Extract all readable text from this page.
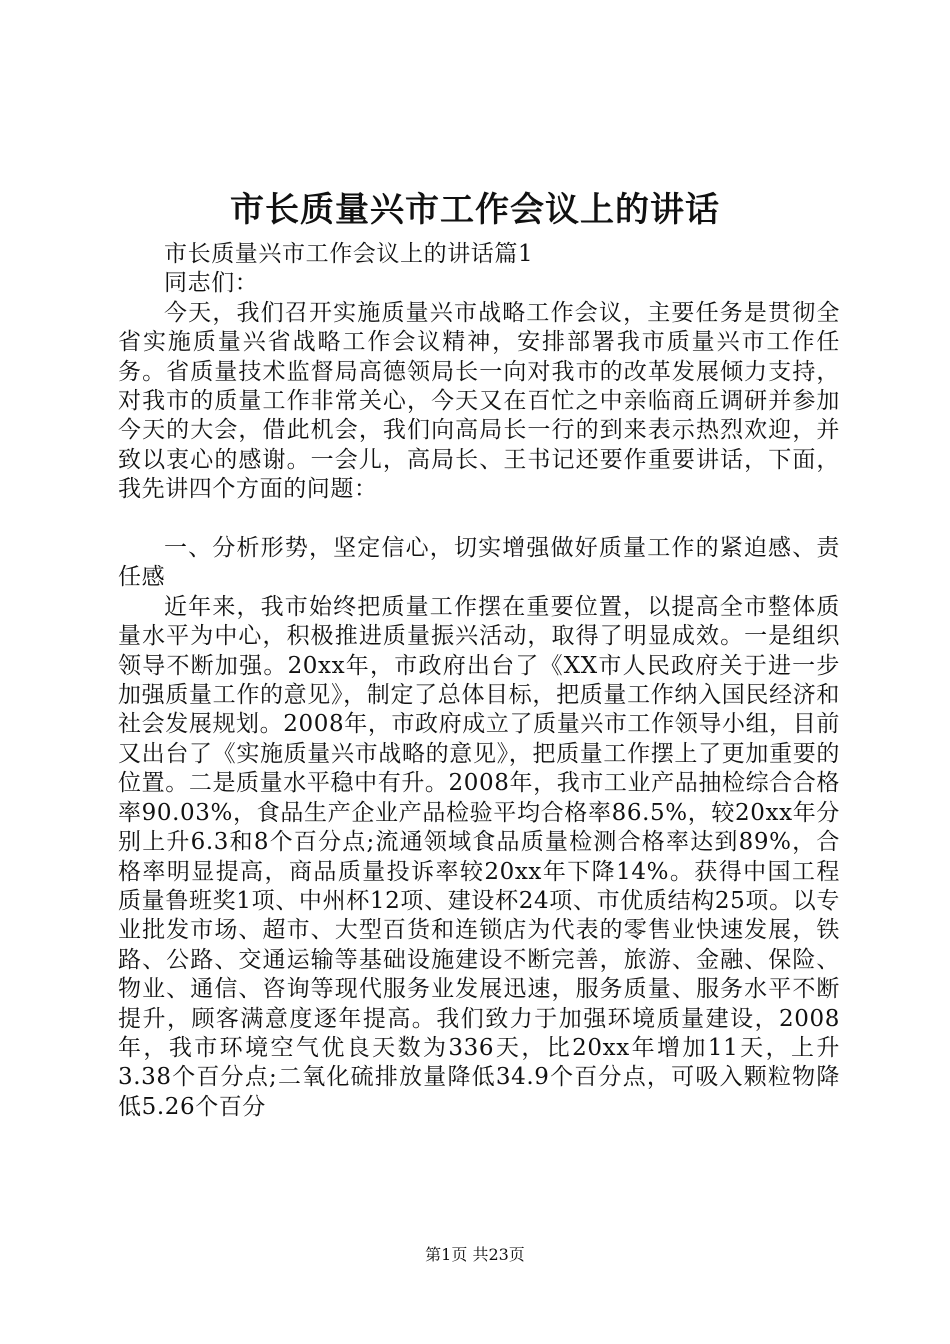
市长质量兴市工作会议上的讲话

市长质量兴市工作会议上的讲话篇1

同志们：

今天，我们召开实施质量兴市战略工作会议，主要任务是贯彻全省实施质量兴省战略工作会议精神，安排部署我市质量兴市工作任务。省质量技术监督局高德领局长一向对我市的改革发展倾力支持，对我市的质量工作非常关心，今天又在百忙之中亲临商丘调研并参加今天的大会，借此机会，我们向高局长一行的到来表示热烈欢迎，并致以衷心的感谢。一会儿，高局长、王书记还要作重要讲话，下面，我先讲四个方面的问题：

一、分析形势，坚定信心，切实增强做好质量工作的紧迫感、责任感

近年来，我市始终把质量工作摆在重要位置，以提高全市整体质量水平为中心，积极推进质量振兴活动，取得了明显成效。一是组织领导不断加强。20xx年，市政府出台了《XX市人民政府关于进一步加强质量工作的意见》，制定了总体目标，把质量工作纳入国民经济和社会发展规划。2008年，市政府成立了质量兴市工作领导小组，目前又出台了《实施质量兴市战略的意见》，把质量工作摆上了更加重要的位置。二是质量水平稳中有升。2008年，我市工业产品抽检综合合格率90.03%，食品生产企业产品检验平均合格率86.5%，较20xx年分别上升6.3和8个百分点;流通领域食品质量检测合格率达到89%，合格率明显提高，商品质量投诉率较20xx年下降14%。获得中国工程质量鲁班奖1项、中州杯12项、建设杯24项、市优质结构25项。以专业批发市场、超市、大型百货和连锁店为代表的零售业快速发展，铁路、公路、交通运输等基础设施建设不断完善，旅游、金融、保险、物业、通信、咨询等现代服务业发展迅速，服务质量、服务水平不断提升，顾客满意度逐年提高。我们致力于加强环境质量建设，2008年，我市环境空气优良天数为336天，比20xx年增加11天，上升3.38个百分点;二氧化硫排放量降低34.9个百分点，可吸入颗粒物降低5.26个百分

第1页 共23页
